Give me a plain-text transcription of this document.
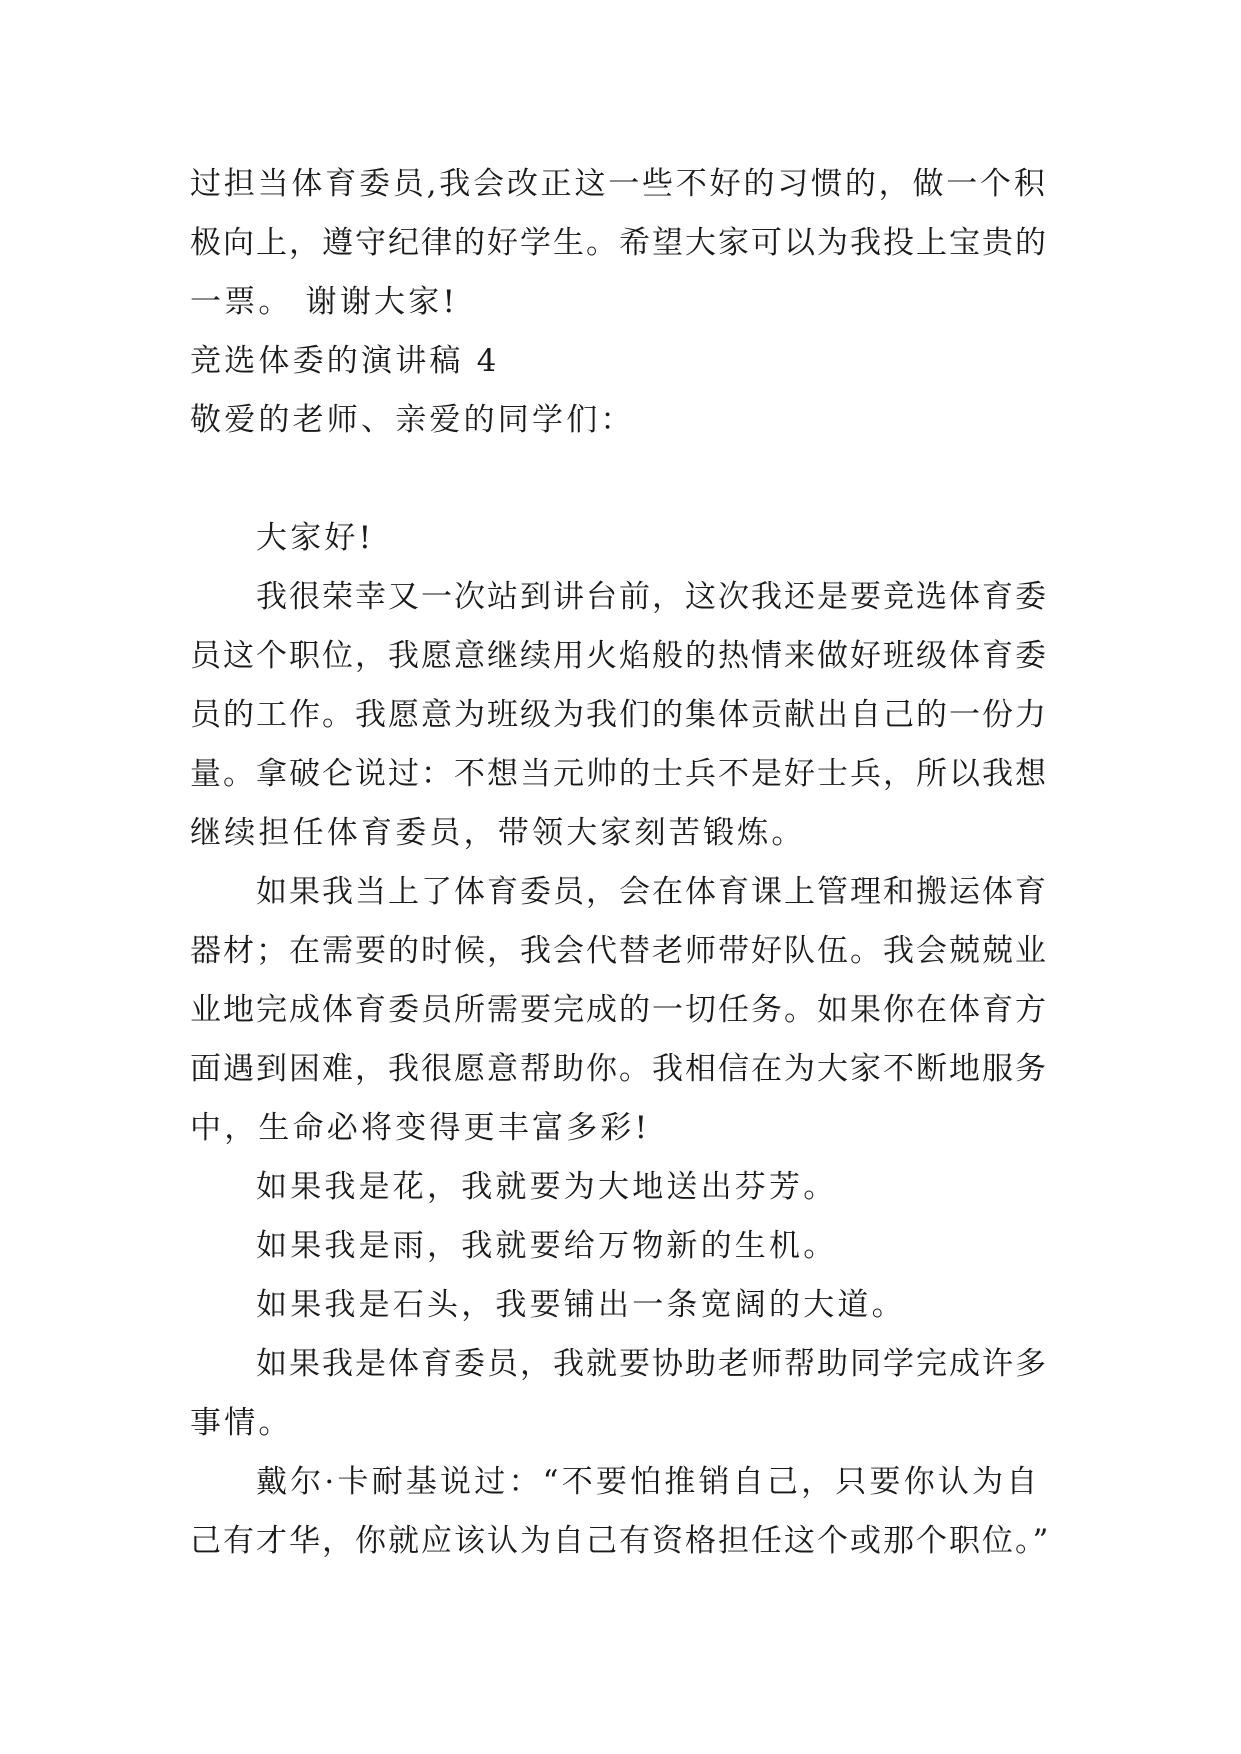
过担当体育委员,我会改正这一些不好的习惯的，做一个积
极向上，遵守纪律的好学生。希望大家可以为我投上宝贵的
一票。 谢谢大家!
竞选体委的演讲稿 4
敬爱的老师、亲爱的同学们：
大家好!
我很荣幸又一次站到讲台前，这次我还是要竞选体育委
员这个职位，我愿意继续用火焰般的热情来做好班级体育委
员的工作。我愿意为班级为我们的集体贡献出自己的一份力
量。拿破仑说过：不想当元帅的士兵不是好士兵，所以我想
继续担任体育委员，带领大家刻苦锻炼。
如果我当上了体育委员，会在体育课上管理和搬运体育
器材；在需要的时候，我会代替老师带好队伍。我会兢兢业
业地完成体育委员所需要完成的一切任务。如果你在体育方
面遇到困难，我很愿意帮助你。我相信在为大家不断地服务
中，生命必将变得更丰富多彩!
如果我是花，我就要为大地送出芬芳。
如果我是雨，我就要给万物新的生机。
如果我是石头，我要铺出一条宽阔的大道。
如果我是体育委员，我就要协助老师帮助同学完成许多
事情。
戴尔·卡耐基说过：“不要怕推销自己，只要你认为自
己有才华，你就应该认为自己有资格担任这个或那个职位。”
